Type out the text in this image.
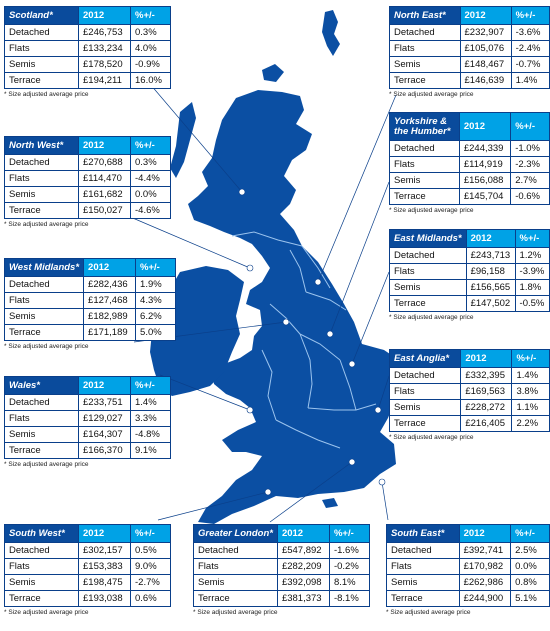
Scotland*	2012	%+/-
Detached	£246,753	0.3%
Flats	£133,234	4.0%
Semis	£178,520	-0.9%
Terrace	£194,211	16.0%
* Size adjusted average price
North West*	2012	%+/-
Detached	£270,688	0.3%
Flats	£114,470	-4.4%
Semis	£161,682	0.0%
Terrace	£150,027	-4.6%
* Size adjusted average price
West Midlands*	2012	%+/-
Detached	£282,436	1.9%
Flats	£127,468	4.3%
Semis	£182,989	6.2%
Terrace	£171,189	5.0%
* Size adjusted average price
Wales*	2012	%+/-
Detached	£233,751	1.4%
Flats	£129,027	3.3%
Semis	£164,307	-4.8%
Terrace	£166,370	9.1%
* Size adjusted average price
South West*	2012	%+/-
Detached	£302,157	0.5%
Flats	£153,383	9.0%
Semis	£198,475	-2.7%
Terrace	£193,038	0.6%
* Size adjusted average price
Greater London*	2012	%+/-
Detached	£547,892	-1.6%
Flats	£282,209	-0.2%
Semis	£392,098	8.1%
Terrace	£381,373	-8.1%
* Size adjusted average price
South East*	2012	%+/-
Detached	£392,741	2.5%
Flats	£170,982	0.0%
Semis	£262,986	0.8%
Terrace	£244,900	5.1%
* Size adjusted average price
North East*	2012	%+/-
Detached	£232,907	-3.6%
Flats	£105,076	-2.4%
Semis	£148,467	-0.7%
Terrace	£146,639	1.4%
* Size adjusted average price
Yorkshire & the Humber*	2012	%+/-
Detached	£244,339	-1.0%
Flats	£114,919	-2.3%
Semis	£156,088	2.7%
Terrace	£145,704	-0.6%
* Size adjusted average price
East Midlands*	2012	%+/-
Detached	£243,713	1.2%
Flats	£96,158	-3.9%
Semis	£156,565	1.8%
Terrace	£147,502	-0.5%
* Size adjusted average price
East Anglia*	2012	%+/-
Detached	£332,395	1.4%
Flats	£169,563	3.8%
Semis	£228,272	1.1%
Terrace	£216,405	2.2%
* Size adjusted average price
